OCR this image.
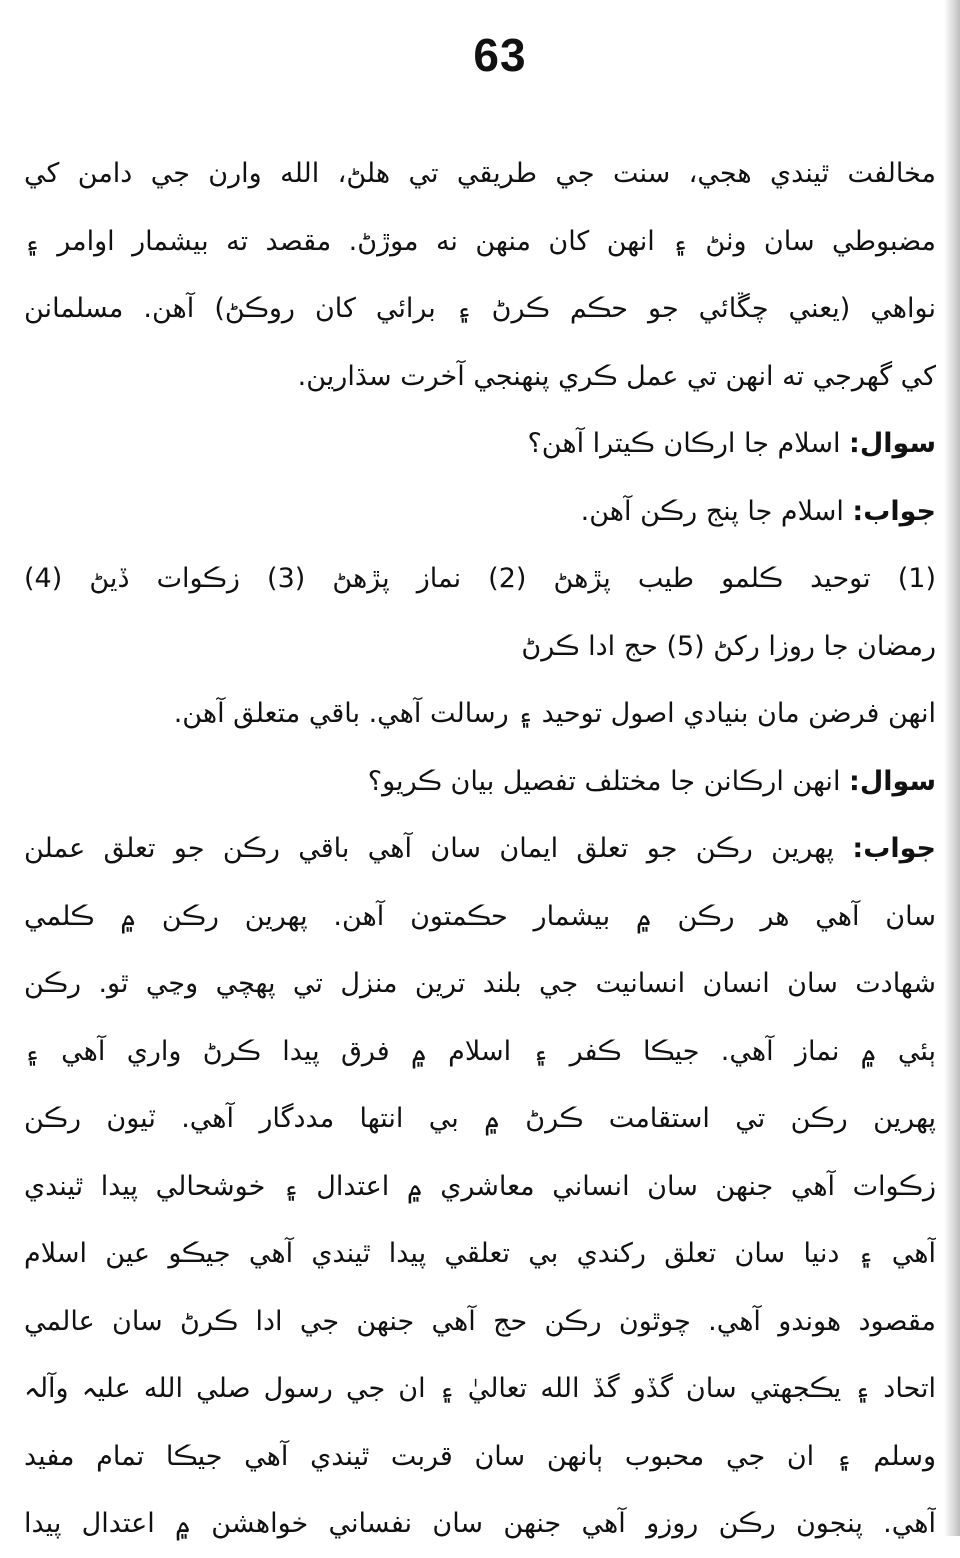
63
مخالفت ٿيندي هجي، سنت جي طريقي تي هلڻ، الله وارن جي دامن کي
مضبوطي سان وٺڻ ۽ انهن کان منهن نه موڙڻ. مقصد ته بيشمار اوامر ۽
نواهي (يعني چڱائي جو حڪم ڪرڻ ۽ برائي کان روڪڻ) آهن. مسلمانن
کي گهرجي ته انهن تي عمل ڪري پنهنجي آخرت سڌارين.
سوال: اسلام جا ارڪان ڪيترا آهن؟
جواب: اسلام جا پنج رڪن آهن.
(1) توحيد ڪلمو طيب پڙهڻ (2) نماز پڙهڻ (3) زڪوات ڏيڻ (4)
رمضان جا روزا رکڻ (5) حج ادا ڪرڻ
انهن فرضن مان بنيادي اصول توحيد ۽ رسالت آهي. باقي متعلق آهن.
سوال: انهن ارڪانن جا مختلف تفصيل بيان ڪريو؟
جواب: پهرين رڪن جو تعلق ايمان سان آهي باقي رڪن جو تعلق عملن
سان آهي هر رڪن ۾ بيشمار حڪمتون آهن. پهرين رڪن ۾ ڪلمي
شهادت سان انسان انسانيت جي بلند ترين منزل تي پهچي وڃي ٿو. رڪن
ٻئي ۾ نماز آهي. جيڪا ڪفر ۽ اسلام ۾ فرق پيدا ڪرڻ واري آهي ۽
پهرين رڪن تي استقامت ڪرڻ ۾ بي انتها مددگار آهي. ٽيون رڪن
زڪوات آهي جنهن سان انساني معاشري ۾ اعتدال ۽ خوشحالي پيدا ٿيندي
آهي ۽ دنيا سان تعلق رکندي بي تعلقي پيدا ٿيندي آهي جيڪو عين اسلام
مقصود هوندو آهي. چوٿون رڪن حج آهي جنهن جي ادا ڪرڻ سان عالمي
اتحاد ۽ يڪجهتي سان گڏو گڏ الله تعاليٰ ۽ ان جي رسول صلي الله عليہ وآلہ
وسلم ۽ ان جي محبوب ٻانهن سان قربت ٿيندي آهي جيڪا تمام مفيد
آهي. پنجون رڪن روزو آهي جنهن سان نفساني خواهشن ۾ اعتدال پيدا
